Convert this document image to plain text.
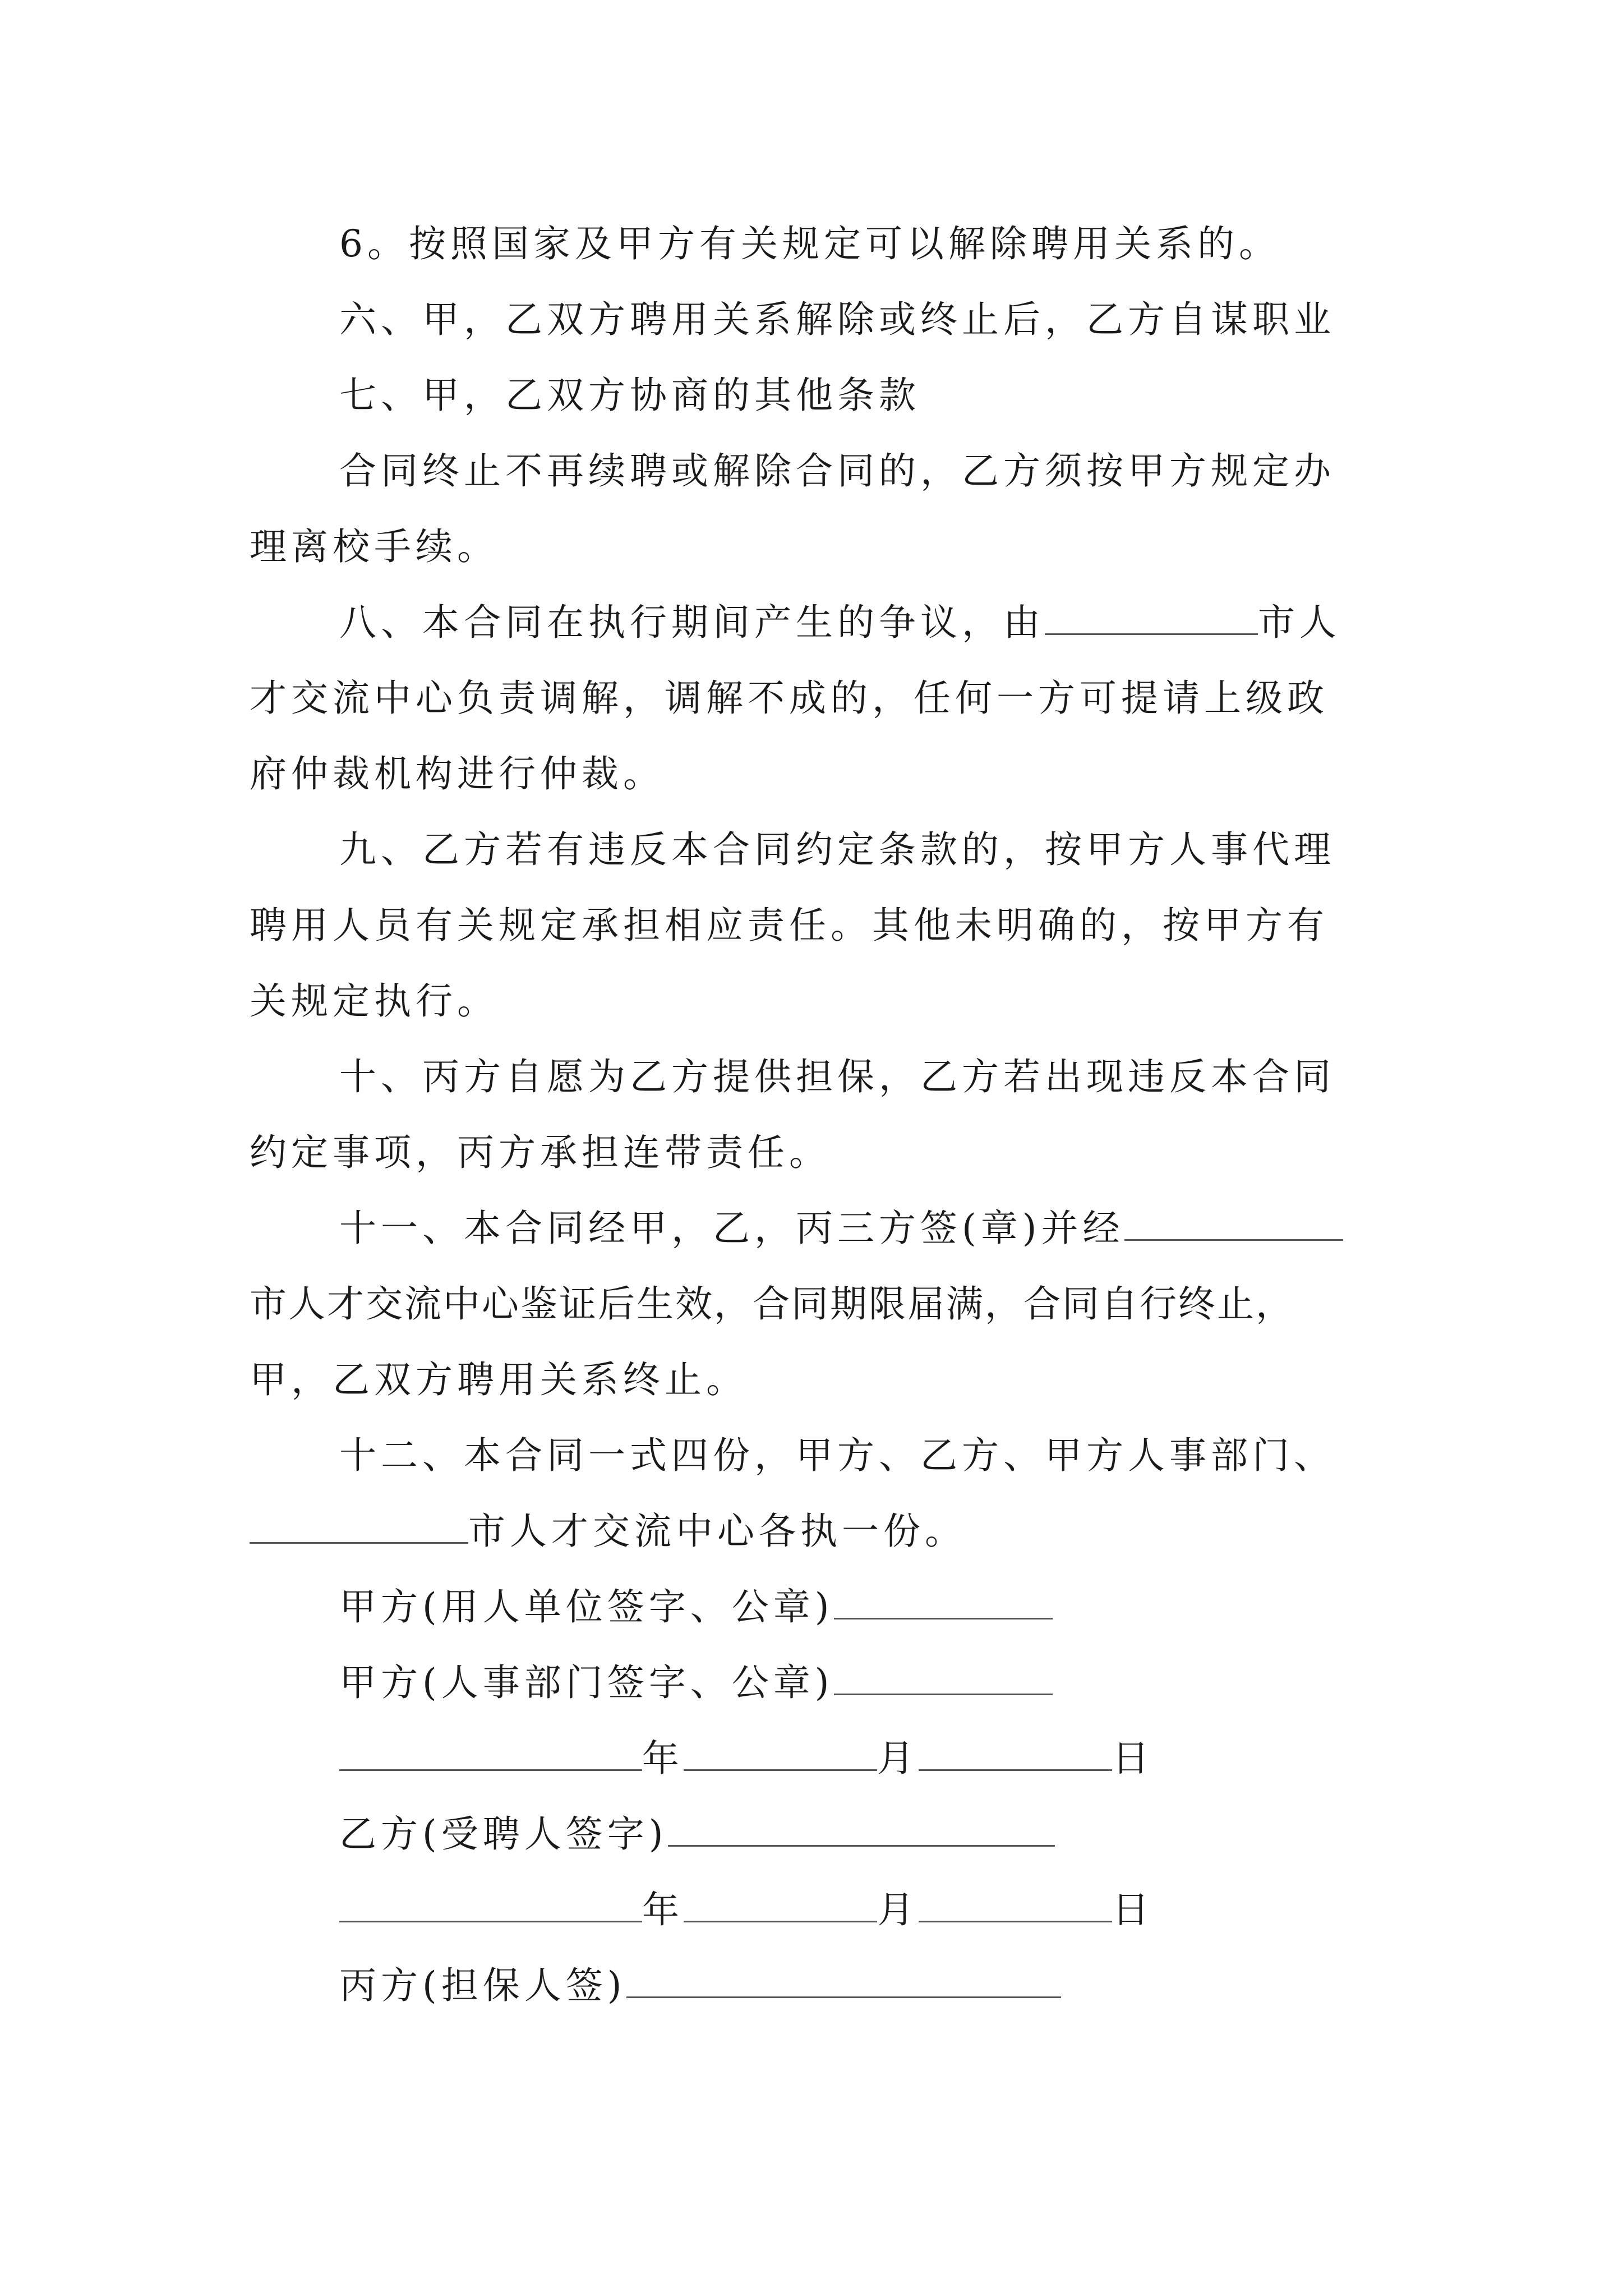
6。按照国家及甲方有关规定可以解除聘用关系的。
六、甲，乙双方聘用关系解除或终止后，乙方自谋职业
七、甲，乙双方协商的其他条款
合同终止不再续聘或解除合同的，乙方须按甲方规定办
理离校手续。
八、本合同在执行期间产生的争议，由	市人
才交流中心负责调解，调解不成的，任何一方可提请上级政
府仲裁机构进行仲裁。
九、乙方若有违反本合同约定条款的，按甲方人事代理
聘用人员有关规定承担相应责任。其他未明确的，按甲方有
关规定执行。
十、丙方自愿为乙方提供担保，乙方若出现违反本合同
约定事项，丙方承担连带责任。
十一、本合同经甲，乙，丙三方签(章)并经
市人才交流中心鉴证后生效，合同期限届满，合同自行终止，
甲，乙双方聘用关系终止。
十二、本合同一式四份，甲方、乙方、甲方人事部门、
市人才交流中心各执一份。
甲方(用人单位签字、公章)
甲方(人事部门签字、公章)
年	月	日
乙方(受聘人签字)
年	月	日
丙方(担保人签)
